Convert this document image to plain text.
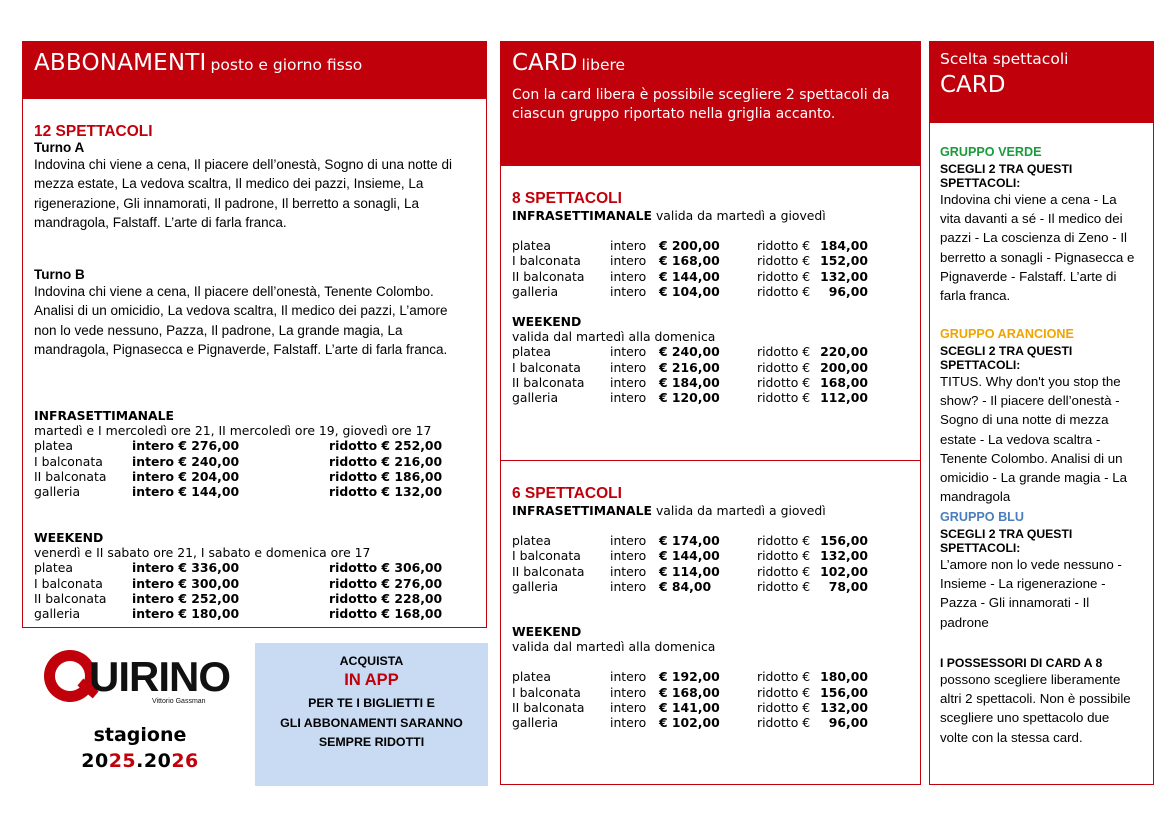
ABBONAMENTI posto e giorno fisso
12 SPETTACOLI
Turno A
Indovina chi viene a cena, Il piacere dell’onestà, Sogno di una notte di
mezza estate, La vedova scaltra, Il medico dei pazzi, Insieme, La
rigenerazione, Gli innamorati, Il padrone, Il berretto a sonagli, La
mandragola, Falstaff. L’arte di farla franca.
Turno B
Indovina chi viene a cena, Il piacere dell’onestà, Tenente Colombo.
Analisi di un omicidio, La vedova scaltra, Il medico dei pazzi, L’amore
non lo vede nessuno, Pazza, Il padrone, La grande magia, La
mandragola, Pignasecca e Pignaverde, Falstaff. L’arte di farla franca.
INFRASETTIMANALE
martedì e I mercoledì ore 21, II mercoledì ore 19, giovedì ore 17
platea	intero € 276,00	ridotto € 252,00
I balconata intero € 240,00	ridotto € 216,00
II balconata intero € 204,00	ridotto € 186,00
galleria	intero € 144,00	ridotto € 132,00
WEEKEND
venerdì e II sabato ore 21, I sabato e domenica ore 17
platea	intero € 336,00	ridotto € 306,00
I balconata intero € 300,00	ridotto € 276,00
II balconata intero € 252,00	ridotto € 228,00
galleria	intero € 180,00	ridotto € 168,00
CARD libere
Con la card libera è possibile scegliere 2 spettacoli da ciascun gruppo riportato nella griglia accanto.
8 SPETTACOLI
INFRASETTIMANALE valida da martedì a giovedì
platea	intero € 200,00	ridotto € 184,00
I balconata intero € 168,00	ridotto € 152,00
II balconata intero € 144,00	ridotto € 132,00
galleria	intero € 104,00	ridotto € 96,00
WEEKEND
valida dal martedì alla domenica
platea	intero € 240,00	ridotto € 220,00
I balconata intero € 216,00	ridotto € 200,00
II balconata intero € 184,00	ridotto € 168,00
galleria	intero € 120,00	ridotto € 112,00
6 SPETTACOLI
INFRASETTIMANALE valida da martedì a giovedì
platea	intero € 174,00	ridotto € 156,00
I balconata intero € 144,00	ridotto € 132,00
II balconata intero € 114,00	ridotto € 102,00
galleria	intero € 84,00	ridotto € 78,00
WEEKEND
valida dal martedì alla domenica
platea	intero € 192,00	ridotto € 180,00
I balconata intero € 168,00	ridotto € 156,00
II balconata intero € 141,00	ridotto € 132,00
galleria	intero € 102,00	ridotto € 96,00
Scelta spettacoli
CARD
GRUPPO VERDE
SCEGLI 2 TRA QUESTI SPETTACOLI:
Indovina chi viene a cena - La
vita davanti a sé - Il medico dei
pazzi - La coscienza di Zeno - Il
berretto a sonagli - Pignasecca e
Pignaverde - Falstaff. L’arte di
farla franca.
GRUPPO ARANCIONE
SCEGLI 2 TRA QUESTI SPETTACOLI:
TITUS. Why don't you stop the
show? - Il piacere dell’onestà -
Sogno di una notte di mezza
estate - La vedova scaltra -
Tenente Colombo. Analisi di un
omicidio - La grande magia - La
mandragola
GRUPPO BLU
SCEGLI 2 TRA QUESTI SPETTACOLI:
L’amore non lo vede nessuno -
Insieme - La rigenerazione -
Pazza - Gli innamorati - Il
padrone
I POSSESSORI DI CARD A 8
possono scegliere liberamente
altri 2 spettacoli. Non è possibile
scegliere uno spettacolo due
volte con la stessa card.
UIRINO
Vittorio Gassman
stagione
2025.2026
ACQUISTA
IN APP
PER TE I BIGLIETTI E
GLI ABBONAMENTI SARANNO
SEMPRE RIDOTTI
